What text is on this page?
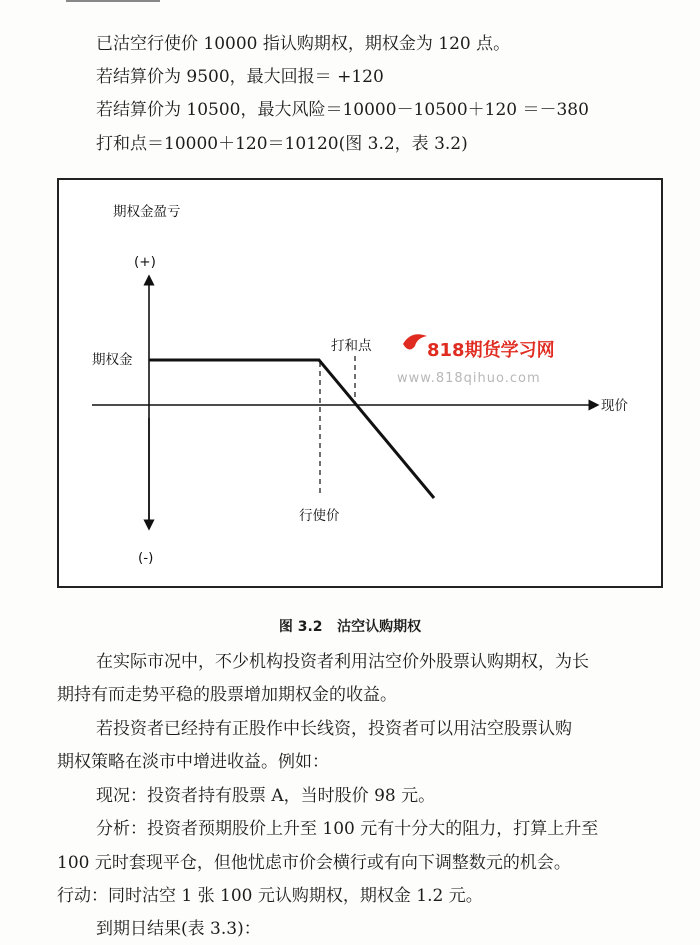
已沽空行使价 10000 指认购期权，期权金为 120 点。
若结算价为 9500，最大回报＝ +120
若结算价为 10500，最大风险＝10000－10500＋120 ＝－380
打和点＝10000＋120＝10120(图 3.2，表 3.2)
期权金盈亏
(+)
(-)
期权金
打和点
行使价
现价
818期货学习网
www.818qihuo.com
图 3.2 沽空认购期权
在实际市况中，不少机构投资者利用沽空价外股票认购期权，为长
期持有而走势平稳的股票增加期权金的收益。
若投资者已经持有正股作中长线资，投资者可以用沽空股票认购
期权策略在淡市中增进收益。例如：
现况：投资者持有股票 A，当时股价 98 元。
分析：投资者预期股价上升至 100 元有十分大的阻力，打算上升至
100 元时套现平仓，但他忧虑市价会横行或有向下调整数元的机会。
行动：同时沽空 1 张 100 元认购期权，期权金 1.2 元。
到期日结果(表 3.3)：
